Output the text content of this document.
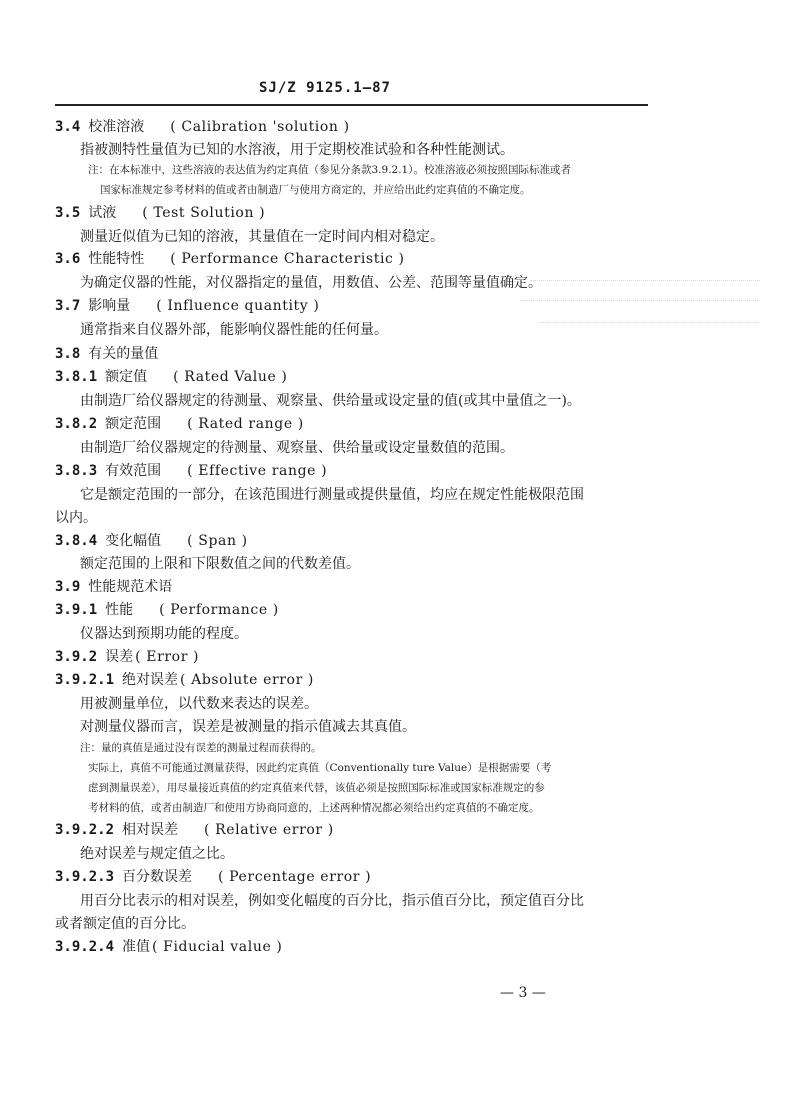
SJ/Z 9125.1—87
3.4 校准溶液 ( Calibration 'solution )
指被测特性量值为已知的水溶液，用于定期校准试验和各种性能测试。
注：在本标准中，这些溶液的表达值为约定真值（参见分条款3.9.2.1）。校准溶液必须按照国际标准或者
国家标准规定参考材料的值或者由制造厂与使用方商定的，并应给出此约定真值的不确定度。
3.5 试液 ( Test Solution )
测量近似值为已知的溶液，其量值在一定时间内相对稳定。
3.6 性能特性 ( Performance Characteristic )
为确定仪器的性能，对仪器指定的量值，用数值、公差、范围等量值确定。
3.7 影响量 ( Influence quantity )
通常指来自仪器外部，能影响仪器性能的任何量。
3.8 有关的量值
3.8.1 额定值 ( Rated Value )
由制造厂给仪器规定的待测量、观察量、供给量或设定量的值(或其中量值之一)。
3.8.2 额定范围 ( Rated range )
由制造厂给仪器规定的待测量、观察量、供给量或设定量数值的范围。
3.8.3 有效范围 ( Effective range )
它是额定范围的一部分，在该范围进行测量或提供量值，均应在规定性能极限范围
以内。
3.8.4 变化幅值 ( Span )
额定范围的上限和下限数值之间的代数差值。
3.9 性能规范术语
3.9.1 性能 ( Performance )
仪器达到预期功能的程度。
3.9.2 误差 ( Error )
3.9.2.1 绝对误差 ( Absolute error )
用被测量单位，以代数来表达的误差。
对测量仪器而言，误差是被测量的指示值减去其真值。
注：量的真值是通过没有误差的测量过程而获得的。
实际上，真值不可能通过测量获得，因此约定真值（Conventionally ture Value）是根据需要（考
虑到测量误差），用尽量接近真值的约定真值来代替，该值必须是按照国际标准或国家标准规定的参
考材料的值，或者由制造厂和使用方协商同意的，上述两种情况都必须给出约定真值的不确定度。
3.9.2.2 相对误差 ( Relative error )
绝对误差与规定值之比。
3.9.2.3 百分数误差 ( Percentage error )
用百分比表示的相对误差，例如变化幅度的百分比，指示值百分比，预定值百分比
或者额定值的百分比。
3.9.2.4 准值 ( Fiducial value )
— 3 —
